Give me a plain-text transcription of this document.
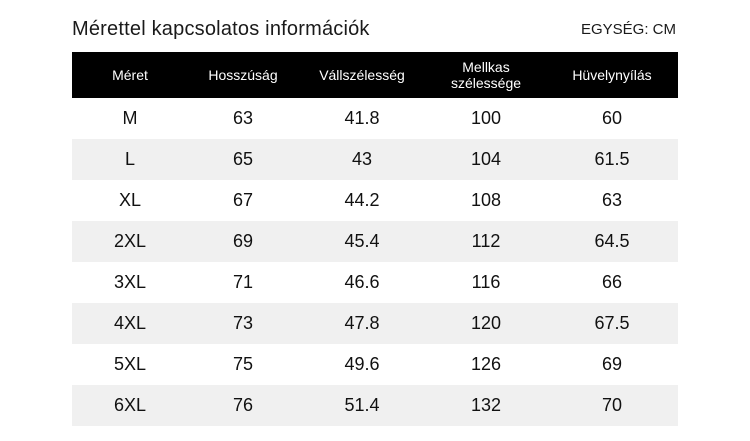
Mérettel kapcsolatos információk	EGYSÉG: CM
Méret	Hosszúság	Vállszélesség	Mellkas szélessége	Hüvelynyílás

M	63	41.8	100	60
L	65	43	104	61.5
XL	67	44.2	108	63
2XL	69	45.4	112	64.5
3XL	71	46.6	116	66
4XL	73	47.8	120	67.5
5XL	75	49.6	126	69
6XL	76	51.4	132	70
